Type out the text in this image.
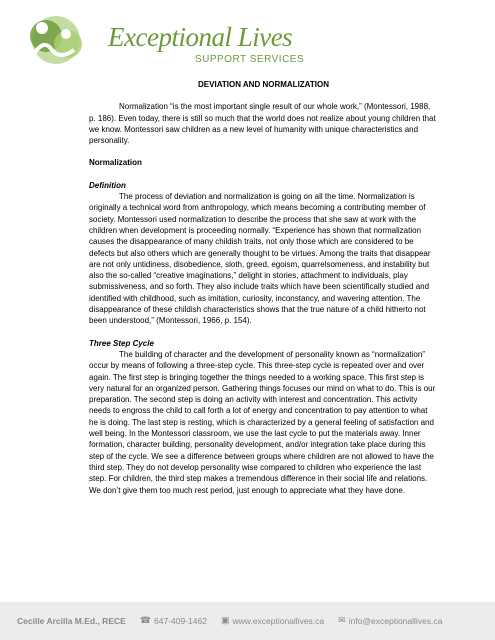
Exceptional Lives
SUPPORT SERVICES

DEVIATION AND NORMALIZATION

Normalization “is the most important single result of our whole work,” (Montessori, 1988, p. 186). Even today, there is still so much that the world does not realize about young children that we know. Montessori saw children as a new level of humanity with unique characteristics and personality.

Normalization

Definition

The process of deviation and normalization is going on all the time. Normalization is originally a technical word from anthropology, which means becoming a contributing member of society. Montessori used normalization to describe the process that she saw at work with the children when development is proceeding normally. “Experience has shown that normalization causes the disappearance of many childish traits, not only those which are considered to be defects but also others which are generally thought to be virtues. Among the traits that disappear are not only untidiness, disobedience, sloth, greed, egoism, quarrelsomeness, and instability but also the so-called “creative imaginations,” delight in stories, attachment to individuals, play submissiveness, and so forth. They also include traits which have been scientifically studied and identified with childhood, such as imitation, curiosity, inconstancy, and wavering attention. The disappearance of these childish characteristics shows that the true nature of a child hitherto not been understood,” (Montessori, 1966, p. 154).

Three Step Cycle

The building of character and the development of personality known as “normalization” occur by means of following a three-step cycle. This three-step cycle is repeated over and over again. The first step is bringing together the things needed to a working space. This first step is very natural for an organized person. Gathering things focuses our mind on what to do. This is our preparation. The second step is doing an activity with interest and concentration. This activity needs to engross the child to call forth a lot of energy and concentration to pay attention to what he is doing. The last step is resting, which is characterized by a general feeling of satisfaction and well being. In the Montessori classroom, we use the last cycle to put the materials away. Inner formation, character building, personality development, and/or integration take place during this step of the cycle. We see a difference between groups where children are not allowed to have the third step. They do not develop personality wise compared to children who experience the last step. For children, the third step makes a tremendous difference in their social life and relations. We don’t give them too much rest period, just enough to appreciate what they have done.

Cecille Arcilla M.Ed., RECE ☎ 647-409-1462 ▣ www.exceptionallives.ca ✉ info@exceptionallives.ca
